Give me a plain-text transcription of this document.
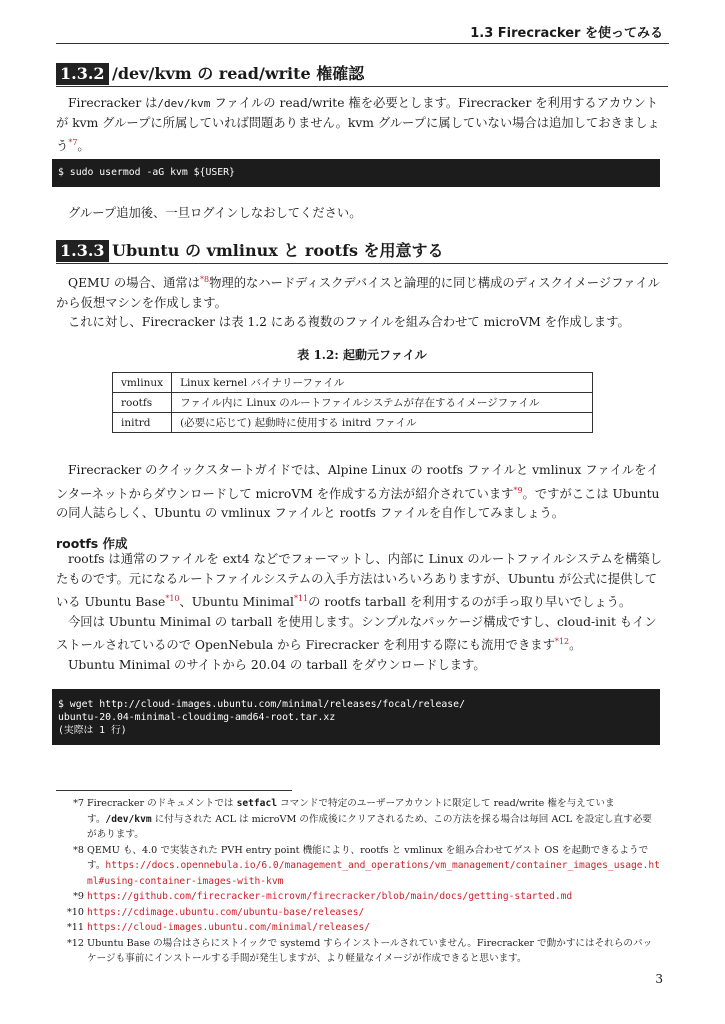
1.3 Firecracker を使ってみる
1.3.2 /dev/kvm の read/write 権確認

Firecracker は/dev/kvm ファイルの read/write 権を必要とします。Firecracker を利用するアカウントが kvm グループに所属していれば問題ありません。kvm グループに属していない場合は追加しておきましょう$^{*7}$。

$ sudo usermod -aG kvm ${USER}

グループ追加後、一旦ログインしなおしてください。

1.3.3 Ubuntu の vmlinux と rootfs を用意する

QEMU の場合、通常は$^{*8}$物理的なハードディスクデバイスと論理的に同じ構成のディスクイメージファイルから仮想マシンを作成します。

これに対し、Firecracker は表 1.2 にある複数のファイルを組み合わせて microVM を作成します。

表 1.2: 起動元ファイル
vmlinux	Linux kernel バイナリーファイル
rootfs	ファイル内に Linux のルートファイルシステムが存在するイメージファイル
initrd	(必要に応じて) 起動時に使用する initrd ファイル

Firecracker のクイックスタートガイドでは、Alpine Linux の rootfs ファイルと vmlinux ファイルをインターネットからダウンロードして microVM を作成する方法が紹介されています$^{*9}$。ですがここは Ubuntu の同人誌らしく、Ubuntu の vmlinux ファイルと rootfs ファイルを自作してみましょう。

rootfs 作成

rootfs は通常のファイルを ext4 などでフォーマットし、内部に Linux のルートファイルシステムを構築したものです。元になるルートファイルシステムの入手方法はいろいろありますが、Ubuntu が公式に提供している Ubuntu Base$^{*10}$、Ubuntu Minimal$^{*11}$の rootfs tarball を利用するのが手っ取り早いでしょう。

今回は Ubuntu Minimal の tarball を使用します。シンプルなパッケージ構成ですし、cloud-init もインストールされているので OpenNebula から Firecracker を利用する際にも流用できます$^{*12}$。

Ubuntu Minimal のサイトから 20.04 の tarball をダウンロードします。

$ wget http://cloud-images.ubuntu.com/minimal/releases/focal/release/
ubuntu-20.04-minimal-cloudimg-amd64-root.tar.xz
(実際は 1 行)
*7 Firecracker のドキュメントでは setfacl コマンドで特定のユーザーアカウントに限定して read/write 権を与えています。/dev/kvm に付与された ACL は microVM の作成後にクリアされるため、この方法を採る場合は毎回 ACL を設定し直す必要があります。
*8 QEMU も、4.0 で実装された PVH entry point 機能により、rootfs と vmlinux を組み合わせてゲスト OS を起動できるようです。https://docs.opennebula.io/6.0/management_and_operations/vm_management/container_images_usage.html#using-container-images-with-kvm
*9 https://github.com/firecracker-microvm/firecracker/blob/main/docs/getting-started.md
*10 https://cdimage.ubuntu.com/ubuntu-base/releases/
*11 https://cloud-images.ubuntu.com/minimal/releases/
*12 Ubuntu Base の場合はさらにストイックで systemd すらインストールされていません。Firecracker で動かすにはそれらのパッケージも事前にインストールする手間が発生しますが、より軽量なイメージが作成できると思います。
3
